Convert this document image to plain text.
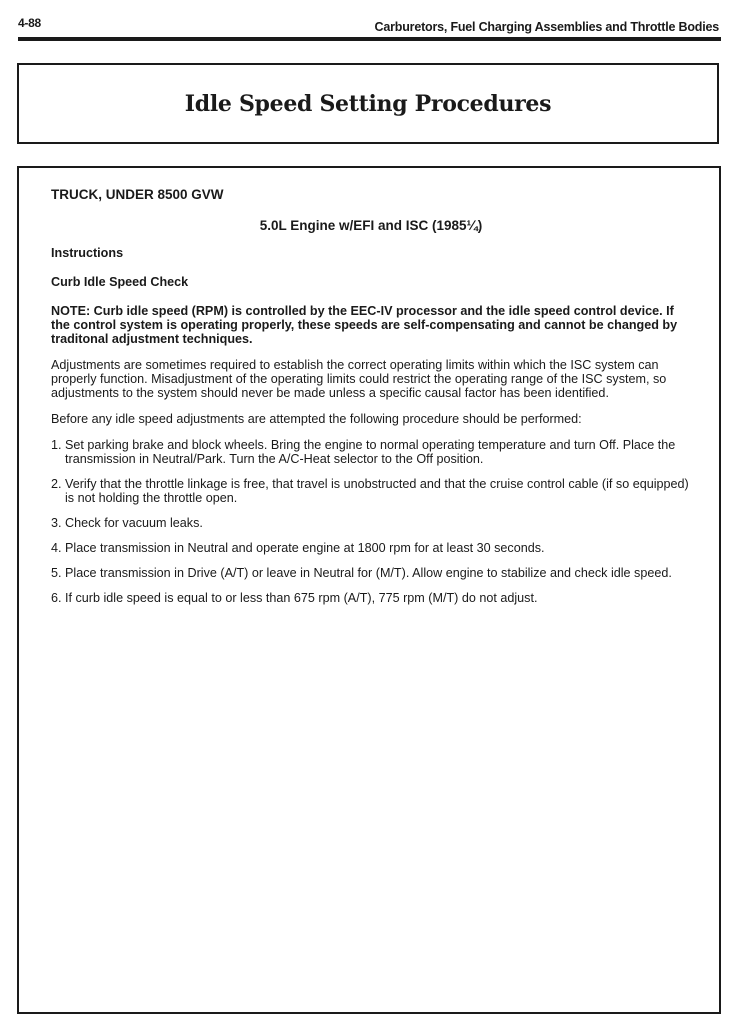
4-88	Carburetors, Fuel Charging Assemblies and Throttle Bodies
Idle Speed Setting Procedures
TRUCK, UNDER 8500 GVW
5.0L Engine w/EFI and ISC (1985¼)
Instructions
Curb Idle Speed Check
NOTE: Curb idle speed (RPM) is controlled by the EEC-IV processor and the idle speed control device. If the control system is operating properly, these speeds are self-compensating and cannot be changed by traditonal adjustment techniques.
Adjustments are sometimes required to establish the correct operating limits within which the ISC system can properly function. Misadjustment of the operating limits could restrict the operating range of the ISC system, so adjustments to the system should never be made unless a specific causal factor has been identified.
Before any idle speed adjustments are attempted the following procedure should be performed:
1. Set parking brake and block wheels. Bring the engine to normal operating temperature and turn Off. Place the transmission in Neutral/Park. Turn the A/C-Heat selector to the Off position.
2. Verify that the throttle linkage is free, that travel is unobstructed and that the cruise control cable (if so equipped) is not holding the throttle open.
3. Check for vacuum leaks.
4. Place transmission in Neutral and operate engine at 1800 rpm for at least 30 seconds.
5. Place transmission in Drive (A/T) or leave in Neutral for (M/T). Allow engine to stabilize and check idle speed.
6. If curb idle speed is equal to or less than 675 rpm (A/T), 775 rpm (M/T) do not adjust.
